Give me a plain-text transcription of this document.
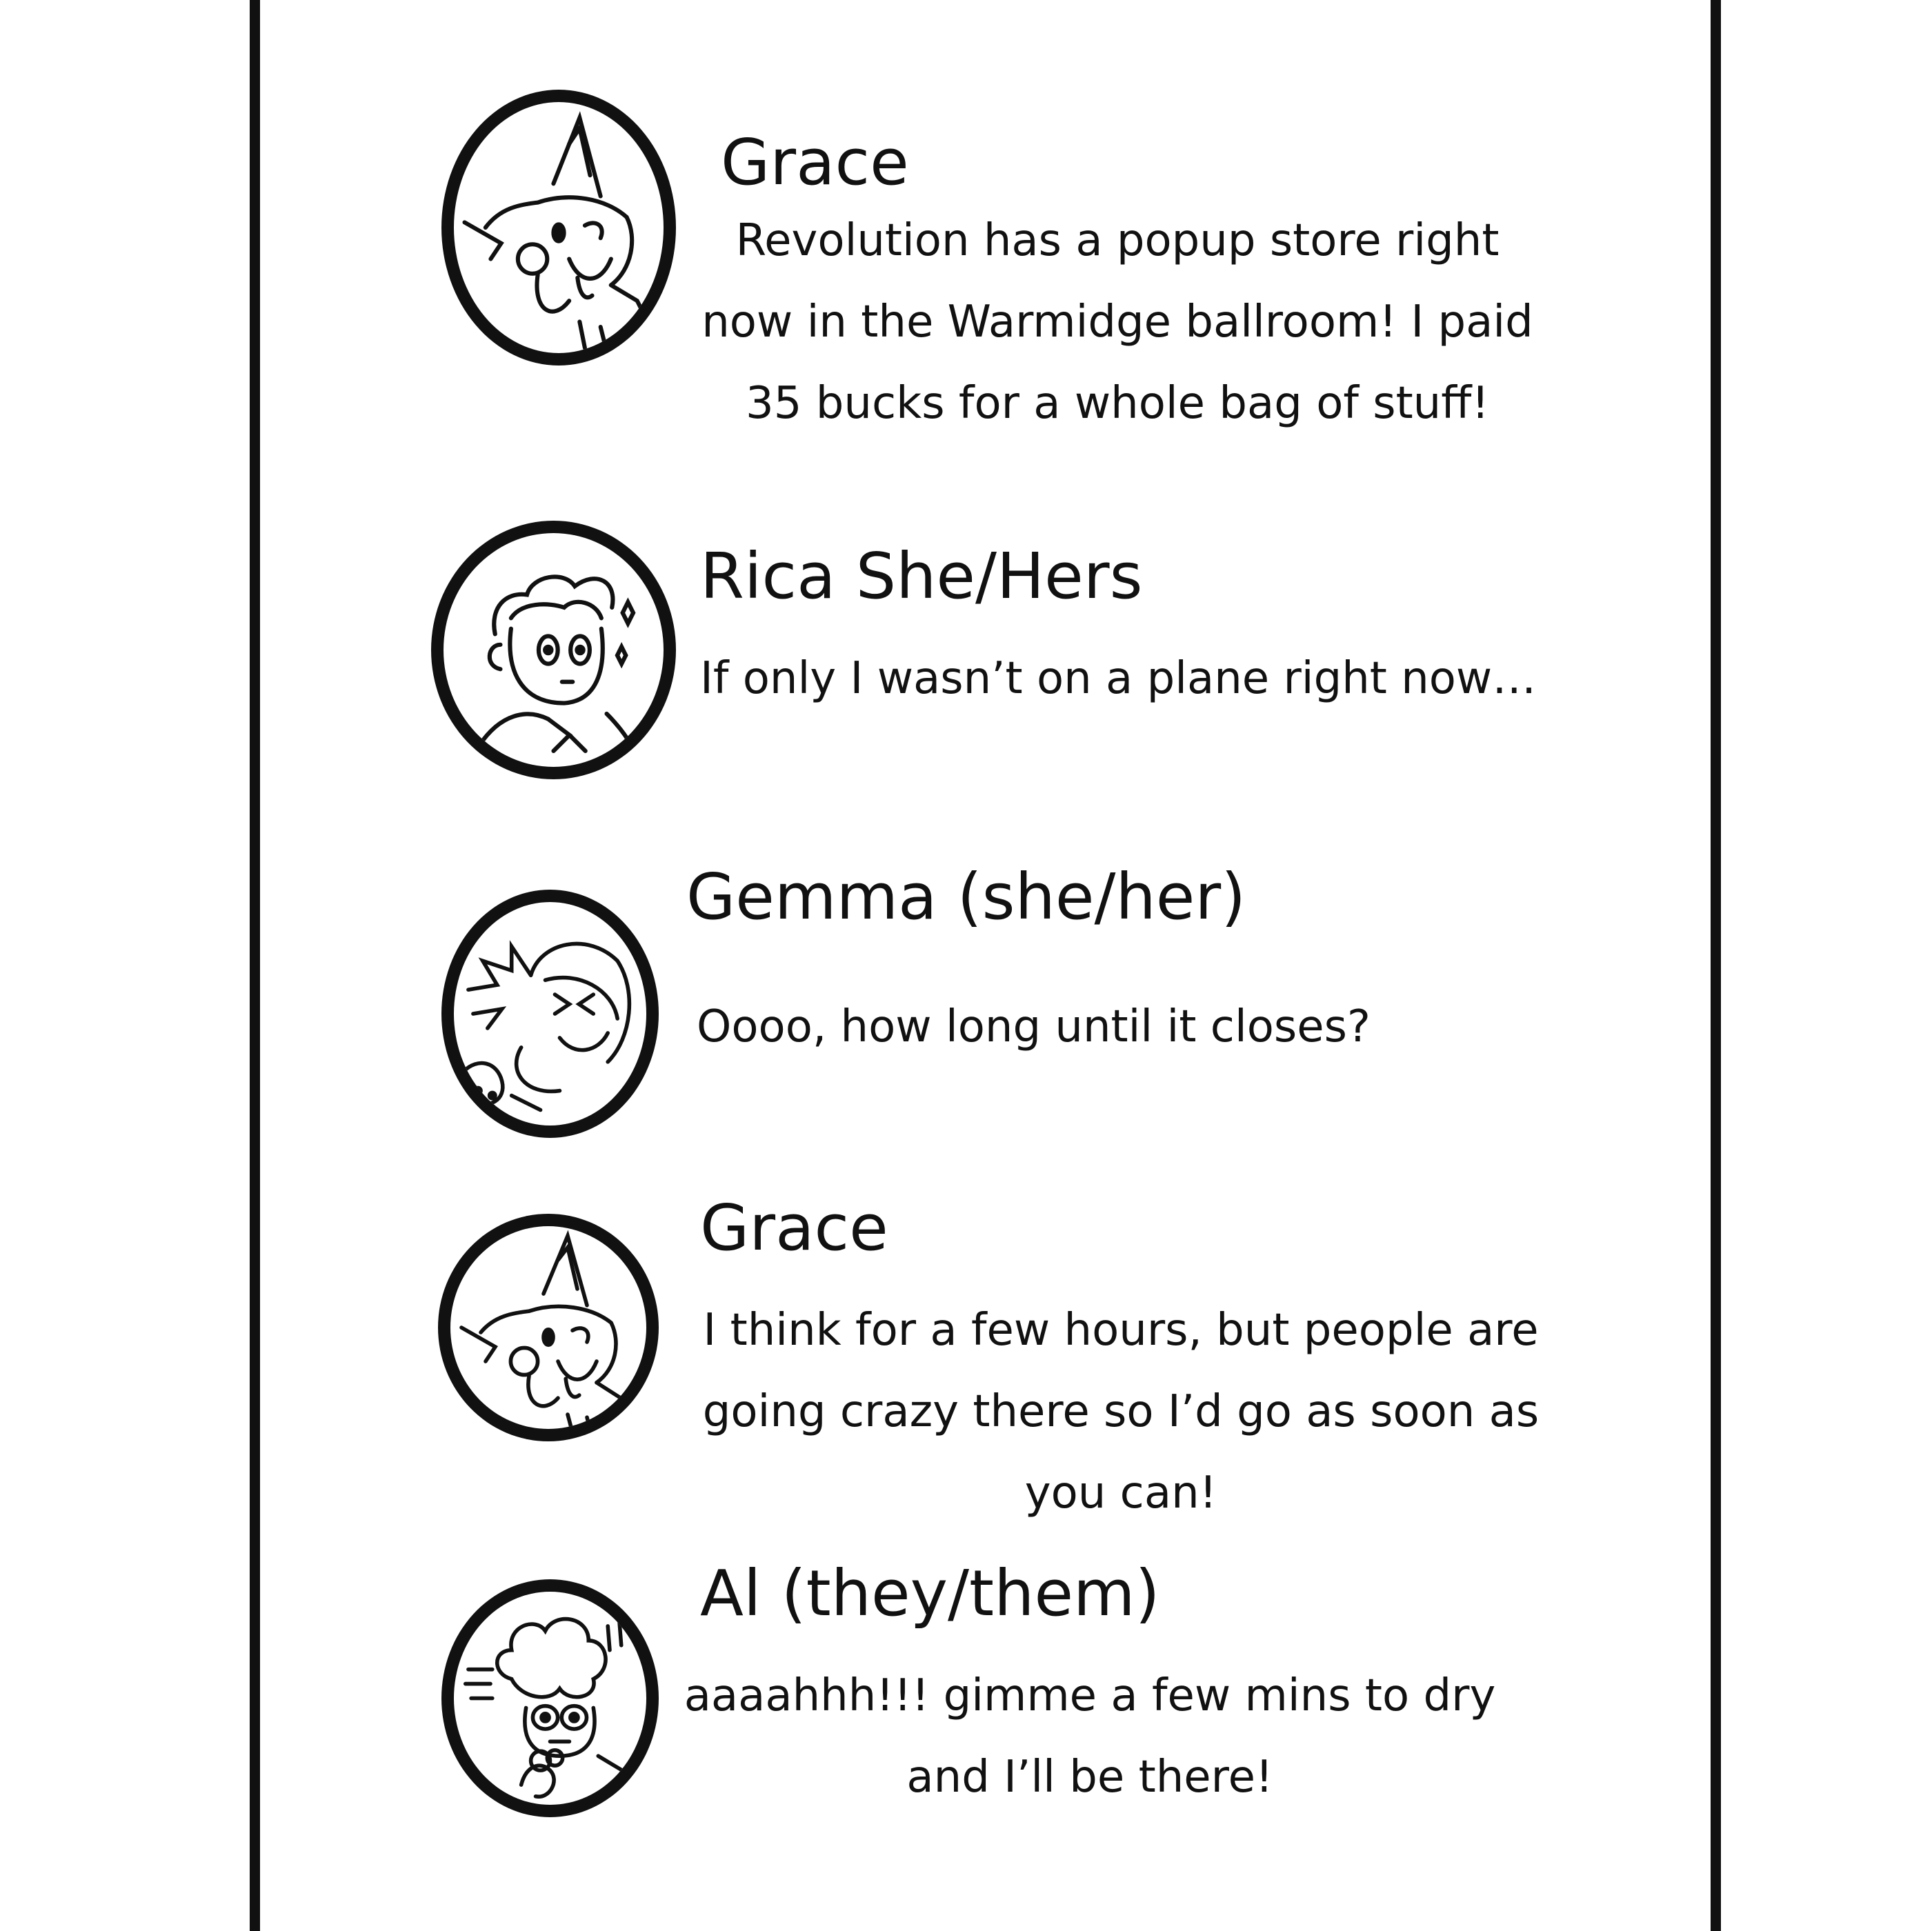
Grace
Revolution has a popup store right
now in the Warmidge ballroom! I paid
35 bucks for a whole bag of stuff!
Rica She/Hers
If only I wasn’t on a plane right now…
Gemma (she/her)
Oooo, how long until it closes?
Grace
I think for a few hours, but people are
going crazy there so I’d go as soon as
you can!
Al (they/them)
aaaahhh!!! gimme a few mins to dry
and I’ll be there!
